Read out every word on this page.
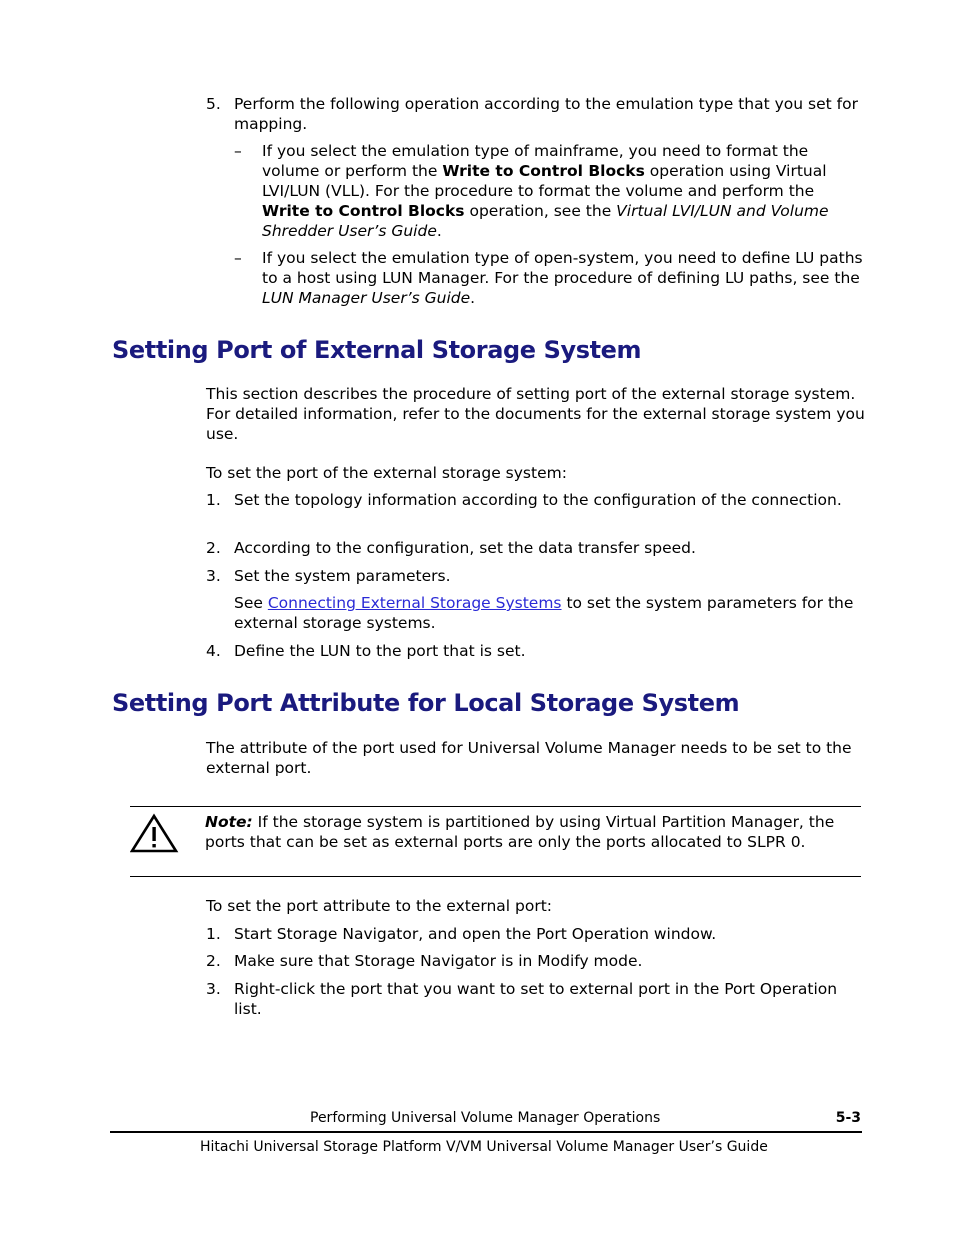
5. Perform the following operation according to the emulation type that you set for mapping.
– If you select the emulation type of mainframe, you need to format the volume or perform the Write to Control Blocks operation using Virtual LVI/LUN (VLL). For the procedure to format the volume and perform the Write to Control Blocks operation, see the Virtual LVI/LUN and Volume Shredder User’s Guide.
– If you select the emulation type of open-system, you need to define LU paths to a host using LUN Manager. For the procedure of defining LU paths, see the LUN Manager User’s Guide.
Setting Port of External Storage System
This section describes the procedure of setting port of the external storage system. For detailed information, refer to the documents for the external storage system you use.
To set the port of the external storage system:
1. Set the topology information according to the configuration of the connection.
2. According to the configuration, set the data transfer speed.
3. Set the system parameters.
See Connecting External Storage Systems to set the system parameters for the external storage systems.
4. Define the LUN to the port that is set.
Setting Port Attribute for Local Storage System
The attribute of the port used for Universal Volume Manager needs to be set to the external port.
Note: If the storage system is partitioned by using Virtual Partition Manager, the ports that can be set as external ports are only the ports allocated to SLPR 0.
To set the port attribute to the external port:
1. Start Storage Navigator, and open the Port Operation window.
2. Make sure that Storage Navigator is in Modify mode.
3. Right-click the port that you want to set to external port in the Port Operation list.
Performing Universal Volume Manager Operations	5-3
Hitachi Universal Storage Platform V/VM Universal Volume Manager User’s Guide
